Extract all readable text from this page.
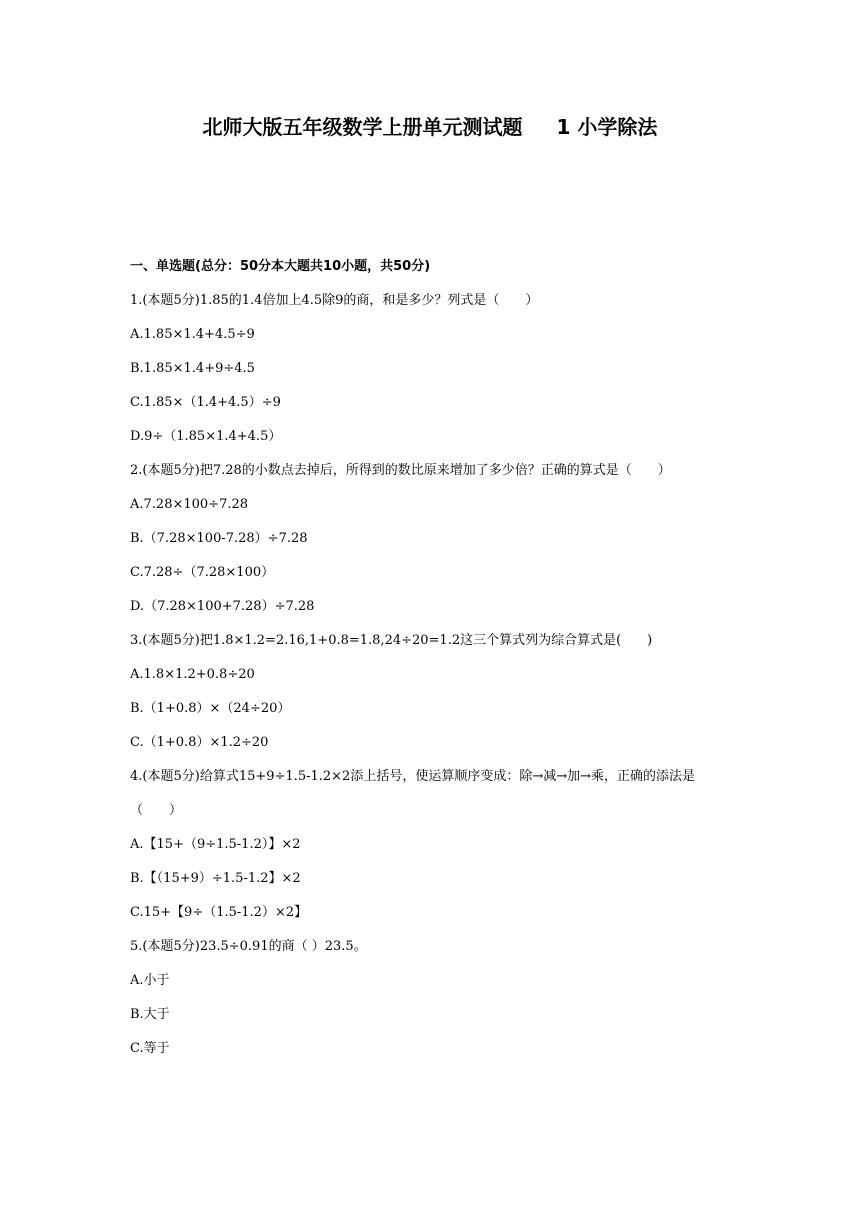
北师大版五年级数学上册单元测试题 1 小学除法
一、单选题(总分：50分本大题共10小题，共50分)
1.(本题5分)1.85的1.4倍加上4.5除9的商，和是多少？列式是（　　）
A.1.85×1.4+4.5÷9
B.1.85×1.4+9÷4.5
C.1.85×（1.4+4.5）÷9
D.9÷（1.85×1.4+4.5）
2.(本题5分)把7.28的小数点去掉后，所得到的数比原来增加了多少倍？正确的算式是（　　）
A.7.28×100÷7.28
B.（7.28×100-7.28）÷7.28
C.7.28÷（7.28×100）
D.（7.28×100+7.28）÷7.28
3.(本题5分)把1.8×1.2=2.16,1+0.8=1.8,24÷20=1.2这三个算式列为综合算式是(　　)
A.1.8×1.2+0.8÷20
B.（1+0.8）×（24÷20）
C.（1+0.8）×1.2÷20
4.(本题5分)给算式15+9÷1.5-1.2×2添上括号，使运算顺序变成：除→减→加→乘，正确的添法是（　　）
A.【15+（9÷1.5-1.2）】×2
B.【（15+9）÷1.5-1.2】×2
C.15+【9÷（1.5-1.2）×2】
5.(本题5分)23.5÷0.91的商（ ）23.5。
A.小于
B.大于
C.等于
